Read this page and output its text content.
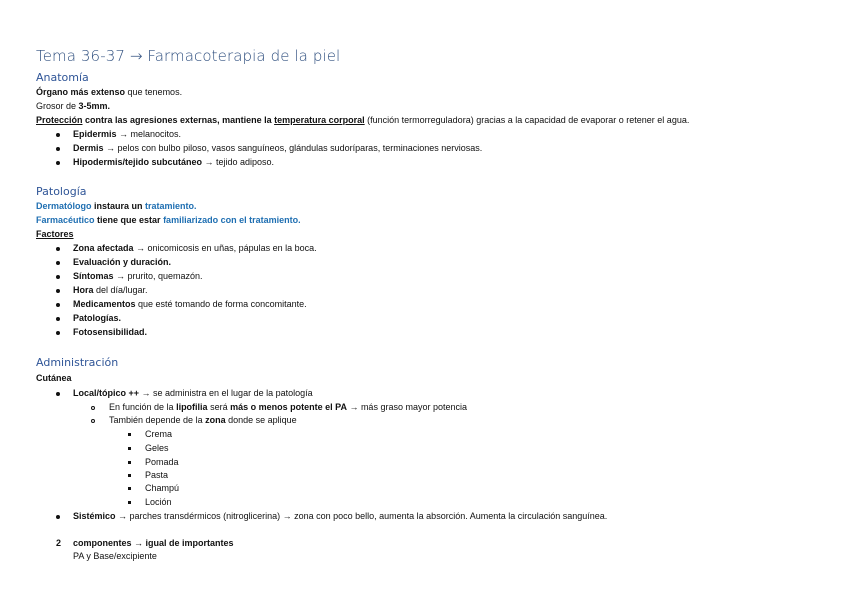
Tema 36-37 → Farmacoterapia de la piel
Anatomía
Órgano más extenso que tenemos.
Grosor de 3-5mm.
Protección contra las agresiones externas, mantiene la temperatura corporal (función termorreguladora) gracias a la capacidad de evaporar o retener el agua.
Epidermis → melanocitos.
Dermis → pelos con bulbo piloso, vasos sanguíneos, glándulas sudoríparas, terminaciones nerviosas.
Hipodermis/tejido subcutáneo → tejido adiposo.
Patología
Dermatólogo instaura un tratamiento.
Farmacéutico tiene que estar familiarizado con el tratamiento.
Factores
Zona afectada → onicomicosis en uñas, pápulas en la boca.
Evaluación y duración.
Síntomas → prurito, quemazón.
Hora del día/lugar.
Medicamentos que esté tomando de forma concomitante.
Patologías.
Fotosensibilidad.
Administración
Cutánea
Local/tópico ++ → se administra en el lugar de la patología
En función de la lipofilia será más o menos potente el PA → más graso mayor potencia
También depende de la zona donde se aplique
Crema
Geles
Pomada
Pasta
Champú
Loción
Sistémico → parches transdérmicos (nitroglicerina) → zona con poco bello, aumenta la absorción. Aumenta la circulación sanguínea.
2 componentes → igual de importantes
PA y Base/excipiente
